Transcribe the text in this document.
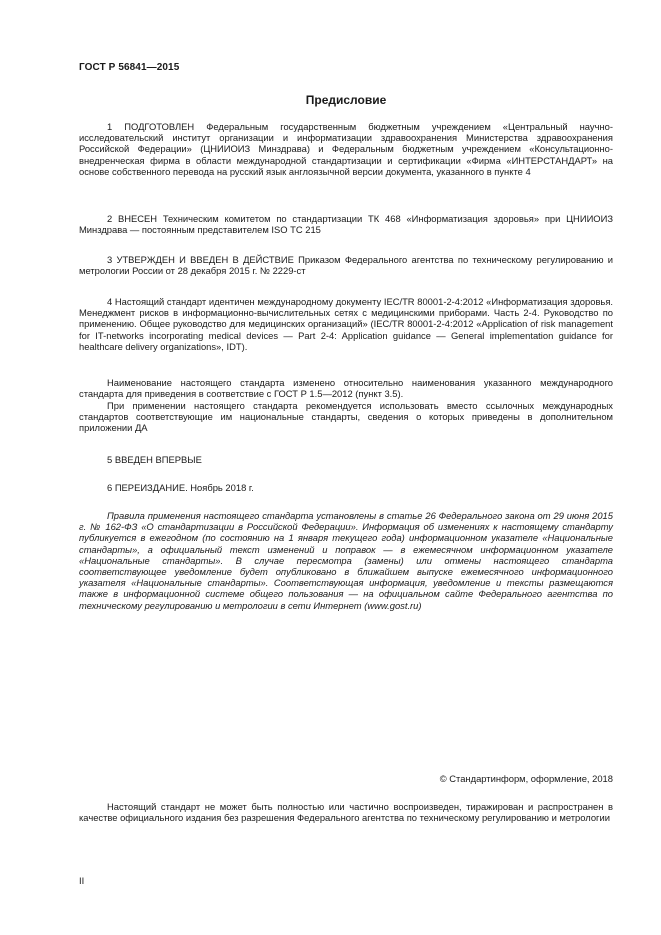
ГОСТ Р 56841—2015
Предисловие

1 ПОДГОТОВЛЕН Федеральным государственным бюджетным учреждением «Центральный научно-исследовательский институт организации и информатизации здравоохранения Министерства здравоохранения Российской Федерации» (ЦНИИОИЗ Минздрава) и Федеральным бюджетным учреждением «Консультационно-внедренческая фирма в области международной стандартизации и сертификации «Фирма «ИНТЕРСТАНДАРТ» на основе собственного перевода на русский язык англоязычной версии документа, указанного в пункте 4

2 ВНЕСЕН Техническим комитетом по стандартизации ТК 468 «Информатизация здоровья» при ЦНИИОИЗ Минздрава — постоянным представителем ISO ТС 215

3 УТВЕРЖДЕН И ВВЕДЕН В ДЕЙСТВИЕ Приказом Федерального агентства по техническому регулированию и метрологии России от 28 декабря 2015 г. № 2229-ст

4 Настоящий стандарт идентичен международному документу IEC/TR 80001-2-4:2012 «Информатизация здоровья. Менеджмент рисков в информационно-вычислительных сетях с медицинскими приборами. Часть 2-4. Руководство по применению. Общее руководство для медицинских организаций» (IEC/TR 80001-2-4:2012 «Application of risk management for IT-networks incorporating medical devices — Part 2-4: Application guidance — General implementation guidance for healthcare delivery organizations», IDT).

Наименование настоящего стандарта изменено относительно наименования указанного международного стандарта для приведения в соответствие с ГОСТ Р 1.5—2012 (пункт 3.5).

При применении настоящего стандарта рекомендуется использовать вместо ссылочных международных стандартов соответствующие им национальные стандарты, сведения о которых приведены в дополнительном приложении ДА

5 ВВЕДЕН ВПЕРВЫЕ

6 ПЕРЕИЗДАНИЕ. Ноябрь 2018 г.

Правила применения настоящего стандарта установлены в статье 26 Федерального закона от 29 июня 2015 г. № 162-ФЗ «О стандартизации в Российской Федерации». Информация об изменениях к настоящему стандарту публикуется в ежегодном (по состоянию на 1 января текущего года) информационном указателе «Национальные стандарты», а официальный текст изменений и поправок — в ежемесячном информационном указателе «Национальные стандарты». В случае пересмотра (замены) или отмены настоящего стандарта соответствующее уведомление будет опубликовано в ближайшем выпуске ежемесячного информационного указателя «Национальные стандарты». Соответствующая информация, уведомление и тексты размещаются также в информационной системе общего пользования — на официальном сайте Федерального агентства по техническому регулированию и метрологии в сети Интернет (www.gost.ru)

© Стандартинформ, оформление, 2018

Настоящий стандарт не может быть полностью или частично воспроизведен, тиражирован и распространен в качестве официального издания без разрешения Федерального агентства по техническому регулированию и метрологии

II
